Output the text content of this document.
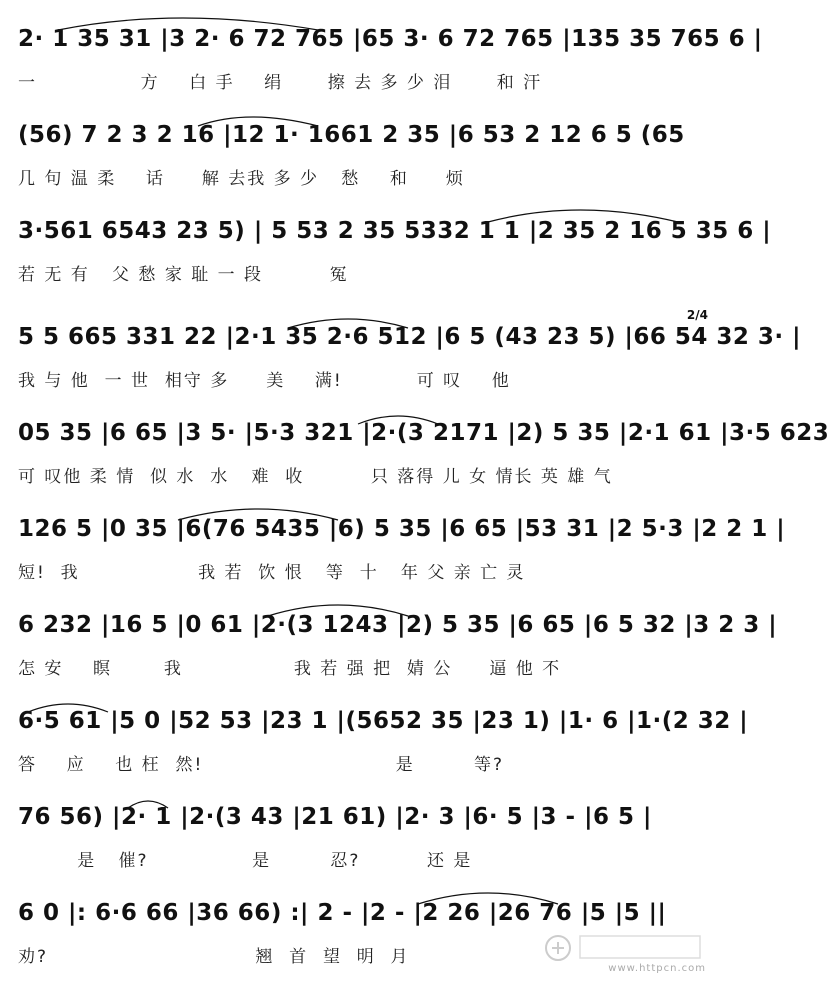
2· 1 35 31 |3 2· 6 72 765 |65 3· 6 72 765 |135 35 765 6 |
一              方    白 手    绢      擦 去 多 少 泪      和 汗
(56) 7 2 3 2 16 |12 1· 1661 2 35 |6 53 2 12 6 5 (65
几 句 温 柔    话     解 去我 多 少   愁    和     烦
3·561 6543 23 5) | 5 53 2 35 5332 1 1 |2 35 2 16 5 35 6 |
若 无 有   父 愁 家 耻 一 段         冤
5 5 665 331 22 |2·1 35 2·6 512 |6 5 (43 23 5) |66 54 32 3· |
我 与 他  一 世  相守 多     美    满!          可 叹    他
05 35 |6 65 |3 5· |5·3 321 |2·(3 2171 |2) 5 35 |2·1 61 |3·5 623
可 叹他 柔 情  似 水  水   难  收         只 落得 儿 女 情长 英 雄 气
126 5 |0 35 |6(76 5435 |6) 5 35 |6 65 |53 31 |2 5·3 |2 2 1 |
短!  我                我 若  饮 恨   等  十   年 父 亲 亡 灵
6 232 |16 5 |0 61 |2·(3 1243 |2) 5 35 |6 65 |6 5 32 |3 2 3 |
怎 安    瞑       我               我 若 强 把  婧 公     逼 他 不
6·5 61 |5 0 |52 53 |23 1 |(5652 35 |23 1) |1· 6 |1·(2 32 |
答    应    也 枉  然!                          是        等?
76 56) |2· 1 |2·(3 43 |21 61) |2· 3 |6· 5 |3 - |6 5 |
是   催?              是        忍?         还 是
6 0 |: 6·6 66 |36 66) :| 2 - |2 - |2 26 |26 76 |5 |5 ||
劝?                            翘  首  望  明  月
2/4
www.httpcn.com
